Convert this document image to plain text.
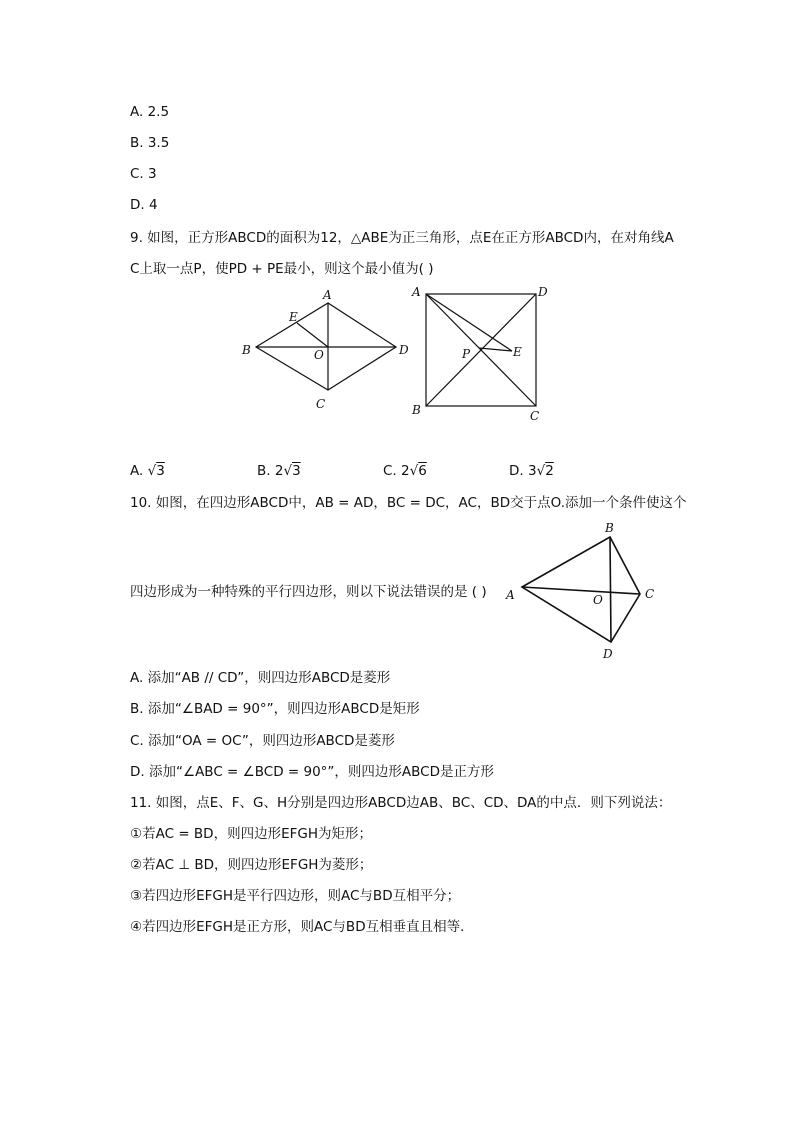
A. 2.5
B. 3.5
C. 3
D. 4
9. 如图，正方形ABCD的面积为12，△ABE为正三角形，点E在正方形ABCD内，在对角线A
C上取一点P，使PD + PE最小，则这个最小值为( )
A
B
C
D
E
O
A	D
B	C
P	E
A. √3	B. 2√3	C. 2√6	D. 3√2
10. 如图，在四边形ABCD中，AB = AD，BC = DC，AC，BD交于点O.添加一个条件使这个
四边形成为一种特殊的平行四边形，则以下说法错误的是 ( )
B
A	C
D
O
A. 添加“AB // CD”，则四边形ABCD是菱形
B. 添加“∠BAD = 90°”，则四边形ABCD是矩形
C. 添加“OA = OC”，则四边形ABCD是菱形
D. 添加“∠ABC = ∠BCD = 90°”，则四边形ABCD是正方形
11. 如图，点E、F、G、H分别是四边形ABCD边AB、BC、CD、DA的中点．则下列说法：
①若AC = BD，则四边形EFGH为矩形；
②若AC ⊥ BD，则四边形EFGH为菱形；
③若四边形EFGH是平行四边形，则AC与BD互相平分；
④若四边形EFGH是正方形，则AC与BD互相垂直且相等．
